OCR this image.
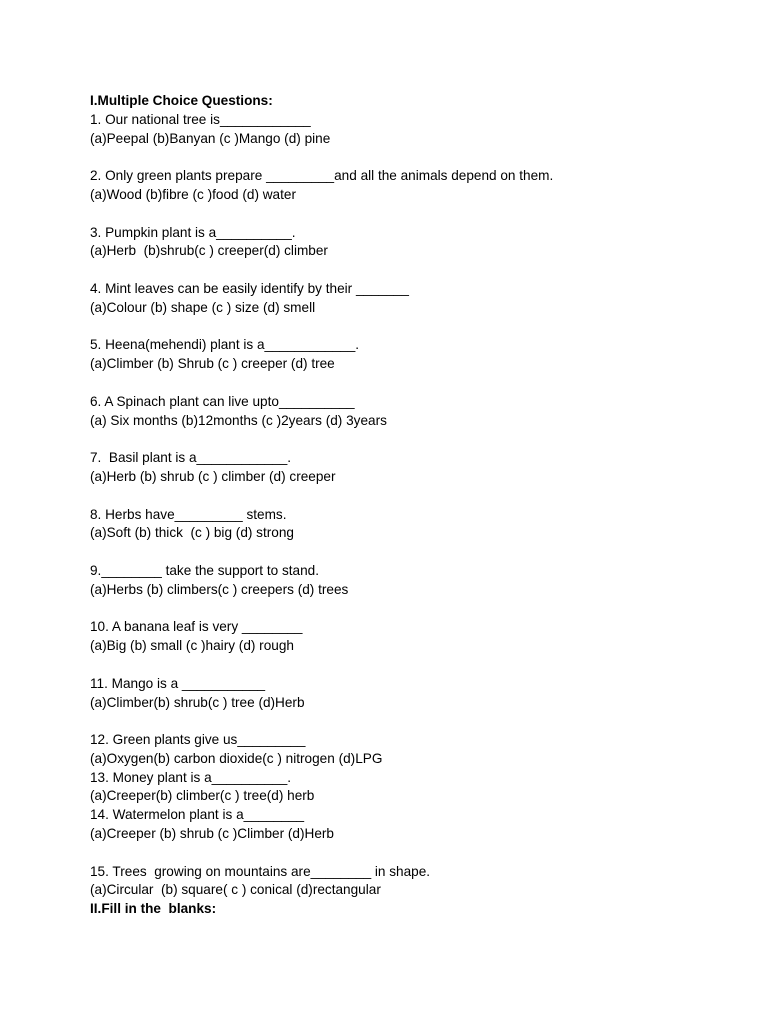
I.Multiple Choice Questions:

1. Our national tree is____________

(a)Peepal (b)Banyan (c )Mango (d) pine

2. Only green plants prepare _________and all the animals depend on them.

(a)Wood (b)fibre (c )food (d) water

3. Pumpkin plant is a__________.

(a)Herb  (b)shrub(c ) creeper(d) climber

4. Mint leaves can be easily identify by their _______

(a)Colour (b) shape (c ) size (d) smell

5. Heena(mehendi) plant is a____________.

(a)Climber (b) Shrub (c ) creeper (d) tree

6. A Spinach plant can live upto__________

(a) Six months (b)12months (c )2years (d) 3years

7.  Basil plant is a____________.

(a)Herb (b) shrub (c ) climber (d) creeper

8. Herbs have_________ stems.

(a)Soft (b) thick  (c ) big (d) strong

9.________ take the support to stand.

(a)Herbs (b) climbers(c ) creepers (d) trees

10. A banana leaf is very ________

(a)Big (b) small (c )hairy (d) rough

11. Mango is a ___________

(a)Climber(b) shrub(c ) tree (d)Herb

12. Green plants give us_________

(a)Oxygen(b) carbon dioxide(c ) nitrogen (d)LPG

13. Money plant is a__________.

(a)Creeper(b) climber(c ) tree(d) herb

14. Watermelon plant is a________

(a)Creeper (b) shrub (c )Climber (d)Herb

15. Trees  growing on mountains are________ in shape.

(a)Circular  (b) square( c ) conical (d)rectangular

II.Fill in the  blanks:
